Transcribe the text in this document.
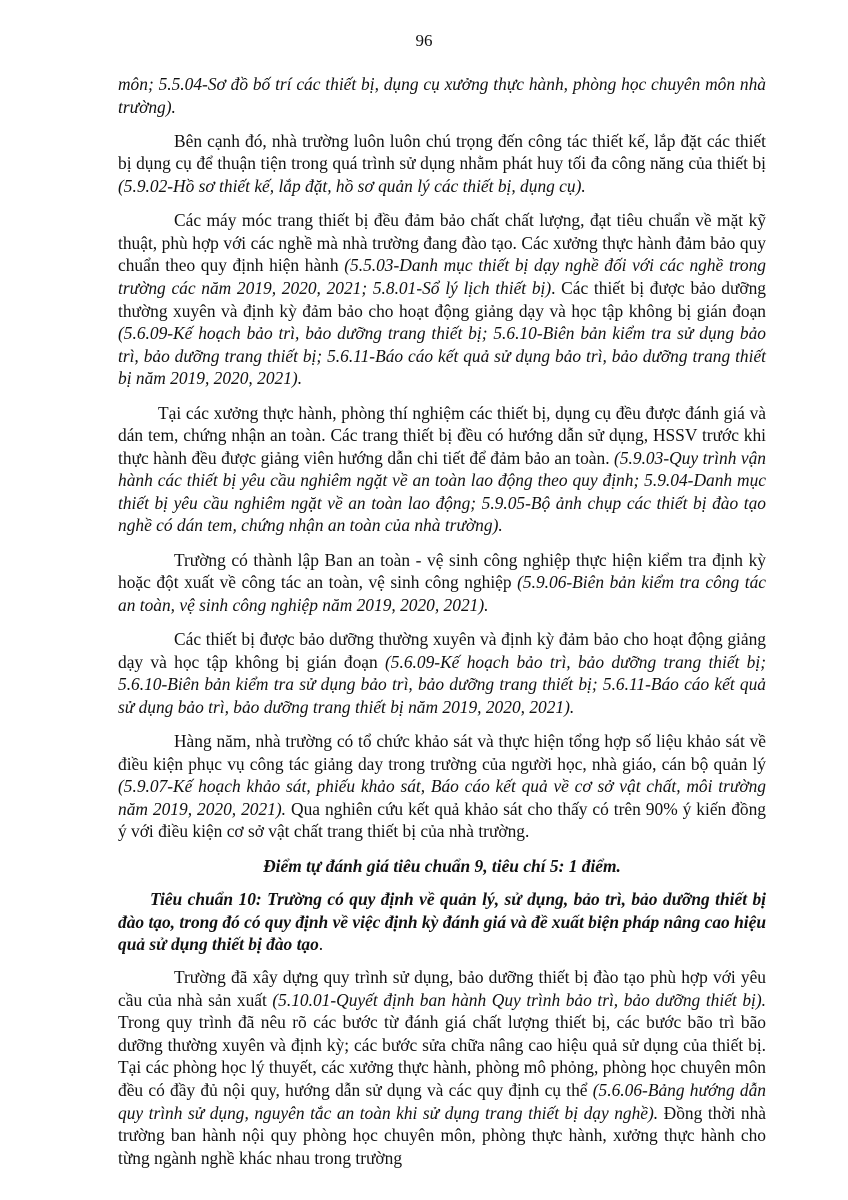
96

môn; 5.5.04-Sơ đồ bố trí các thiết bị, dụng cụ xưởng thực hành, phòng học chuyên môn nhà trường).

Bên cạnh đó, nhà trường luôn luôn chú trọng đến công tác thiết kế, lắp đặt các thiết bị dụng cụ để thuận tiện trong quá trình sử dụng nhằm phát huy tối đa công năng của thiết bị (5.9.02-Hồ sơ thiết kế, lắp đặt, hồ sơ quản lý các thiết bị, dụng cụ).

Các máy móc trang thiết bị đều đảm bảo chất chất lượng, đạt tiêu chuẩn về mặt kỹ thuật, phù hợp với các nghề mà nhà trường đang đào tạo. Các xưởng thực hành đảm bảo quy chuẩn theo quy định hiện hành (5.5.03-Danh mục thiết bị dạy nghề đối với các nghề trong trường các năm 2019, 2020, 2021; 5.8.01-Sổ lý lịch thiết bị). Các thiết bị được bảo dưỡng thường xuyên và định kỳ đảm bảo cho hoạt động giảng dạy và học tập không bị gián đoạn (5.6.09-Kế hoạch bảo trì, bảo dưỡng trang thiết bị; 5.6.10-Biên bản kiểm tra sử dụng bảo trì, bảo dưỡng trang thiết bị; 5.6.11-Báo cáo kết quả sử dụng bảo trì, bảo dưỡng trang thiết bị năm 2019, 2020, 2021).

Tại các xưởng thực hành, phòng thí nghiệm các thiết bị, dụng cụ đều được đánh giá và dán tem, chứng nhận an toàn. Các trang thiết bị đều có hướng dẫn sử dụng, HSSV trước khi thực hành đều được giảng viên hướng dẫn chi tiết để đảm bảo an toàn. (5.9.03-Quy trình vận hành các thiết bị yêu cầu nghiêm ngặt về an toàn lao động theo quy định; 5.9.04-Danh mục thiết bị yêu cầu nghiêm ngặt về an toàn lao động; 5.9.05-Bộ ảnh chụp các thiết bị đào tạo nghề có dán tem, chứng nhận an toàn của nhà trường).

Trường có thành lập Ban an toàn - vệ sinh công nghiệp thực hiện kiểm tra định kỳ hoặc đột xuất về công tác an toàn, vệ sinh công nghiệp (5.9.06-Biên bản kiểm tra công tác an toàn, vệ sinh công nghiệp năm 2019, 2020, 2021).

Các thiết bị được bảo dưỡng thường xuyên và định kỳ đảm bảo cho hoạt động giảng dạy và học tập không bị gián đoạn (5.6.09-Kế hoạch bảo trì, bảo dưỡng trang thiết bị; 5.6.10-Biên bản kiểm tra sử dụng bảo trì, bảo dưỡng trang thiết bị; 5.6.11-Báo cáo kết quả sử dụng bảo trì, bảo dưỡng trang thiết bị năm 2019, 2020, 2021).

Hàng năm, nhà trường có tổ chức khảo sát và thực hiện tổng hợp số liệu khảo sát về điều kiện phục vụ công tác giảng day trong trường của người học, nhà giáo, cán bộ quản lý (5.9.07-Kế hoạch khảo sát, phiếu khảo sát, Báo cáo kết quả về cơ sở vật chất, môi trường năm 2019, 2020, 2021). Qua nghiên cứu kết quả khảo sát cho thấy có trên 90% ý kiến đồng ý với điều kiện cơ sở vật chất trang thiết bị của nhà trường.

Điểm tự đánh giá tiêu chuẩn 9, tiêu chí 5: 1 điểm.

Tiêu chuẩn 10: Trường có quy định về quản lý, sử dụng, bảo trì, bảo dưỡng thiết bị đào tạo, trong đó có quy định về việc định kỳ đánh giá và đề xuất biện pháp nâng cao hiệu quả sử dụng thiết bị đào tạo.

Trường đã xây dựng quy trình sử dụng, bảo dưỡng thiết bị đào tạo phù hợp với yêu cầu của nhà sản xuất (5.10.01-Quyết định ban hành Quy trình bảo trì, bảo dưỡng thiết bị). Trong quy trình đã nêu rõ các bước từ đánh giá chất lượng thiết bị, các bước bão trì bão dưỡng thường xuyên và định kỳ; các bước sửa chữa nâng cao hiệu quả sử dụng của thiết bị. Tại các phòng học lý thuyết, các xưởng thực hành, phòng mô phỏng, phòng học chuyên môn đều có đầy đủ nội quy, hướng dẫn sử dụng và các quy định cụ thể (5.6.06-Bảng hướng dẫn quy trình sử dụng, nguyên tắc an toàn khi sử dụng trang thiết bị dạy nghề). Đồng thời nhà trường ban hành nội quy phòng học chuyên môn, phòng thực hành, xưởng thực hành cho từng ngành nghề khác nhau trong trường
